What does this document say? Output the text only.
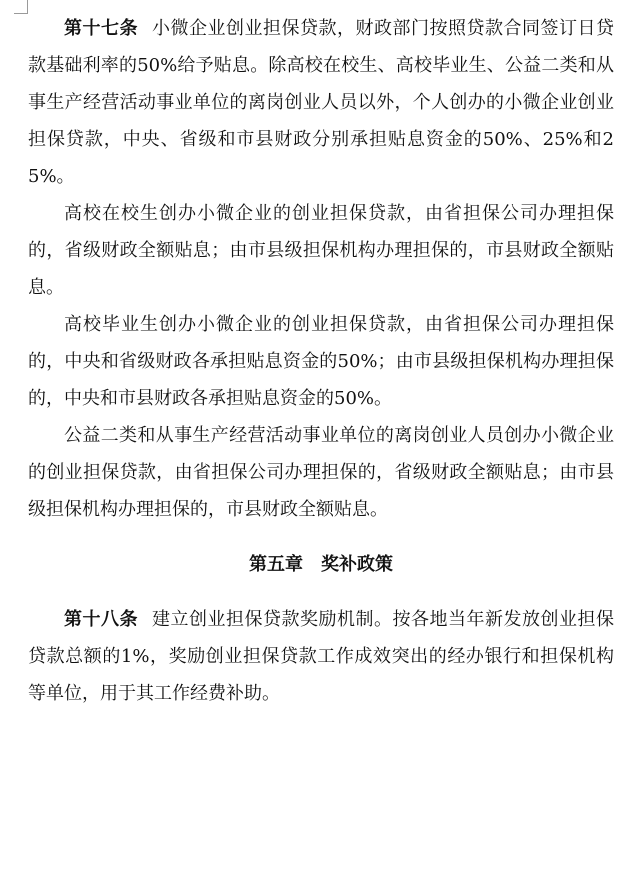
第十七条 小微企业创业担保贷款，财政部门按照贷款合同签订日贷款基础利率的50%给予贴息。除高校在校生、高校毕业生、公益二类和从事生产经营活动事业单位的离岗创业人员以外，个人创办的小微企业创业担保贷款，中央、省级和市县财政分别承担贴息资金的50%、25%和25%。

高校在校生创办小微企业的创业担保贷款，由省担保公司办理担保的，省级财政全额贴息；由市县级担保机构办理担保的，市县财政全额贴息。

高校毕业生创办小微企业的创业担保贷款，由省担保公司办理担保的，中央和省级财政各承担贴息资金的50%；由市县级担保机构办理担保的，中央和市县财政各承担贴息资金的50%。

公益二类和从事生产经营活动事业单位的离岗创业人员创办小微企业的创业担保贷款，由省担保公司办理担保的，省级财政全额贴息；由市县级担保机构办理担保的，市县财政全额贴息。

第五章 奖补政策

第十八条 建立创业担保贷款奖励机制。按各地当年新发放创业担保贷款总额的1%，奖励创业担保贷款工作成效突出的经办银行和担保机构等单位，用于其工作经费补助。
